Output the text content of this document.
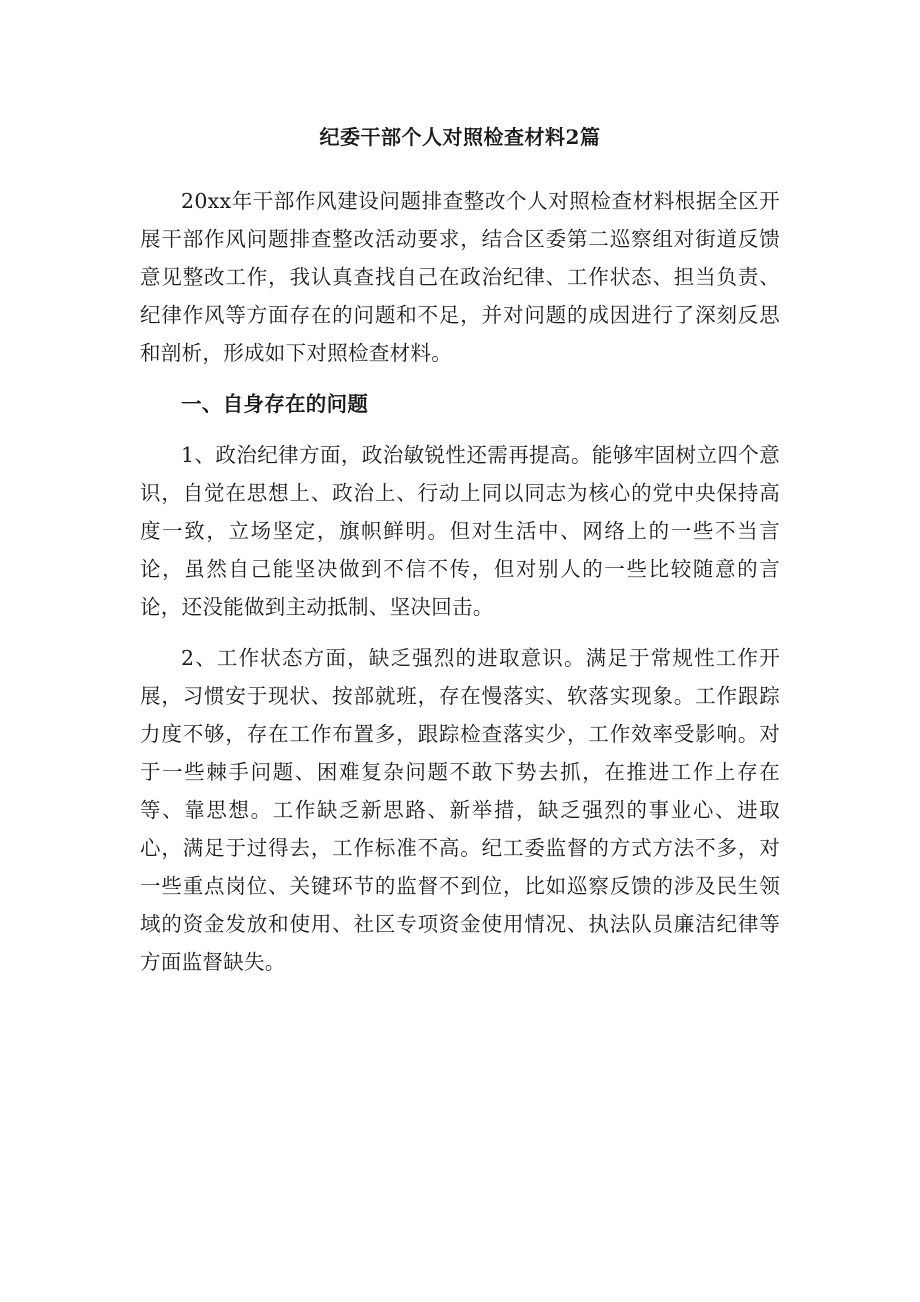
纪委干部个人对照检查材料2篇

20xx年干部作风建设问题排查整改个人对照检查材料根据全区开展干部作风问题排查整改活动要求，结合区委第二巡察组对街道反馈意见整改工作，我认真查找自己在政治纪律、工作状态、担当负责、纪律作风等方面存在的问题和不足，并对问题的成因进行了深刻反思和剖析，形成如下对照检查材料。

一、自身存在的问题

1、政治纪律方面，政治敏锐性还需再提高。能够牢固树立四个意识，自觉在思想上、政治上、行动上同以同志为核心的党中央保持高度一致，立场坚定，旗帜鲜明。但对生活中、网络上的一些不当言论，虽然自己能坚决做到不信不传，但对别人的一些比较随意的言论，还没能做到主动抵制、坚决回击。

2、工作状态方面，缺乏强烈的进取意识。满足于常规性工作开展，习惯安于现状、按部就班，存在慢落实、软落实现象。工作跟踪力度不够，存在工作布置多，跟踪检查落实少，工作效率受影响。对于一些棘手问题、困难复杂问题不敢下势去抓，在推进工作上存在等、靠思想。工作缺乏新思路、新举措，缺乏强烈的事业心、进取心，满足于过得去，工作标准不高。纪工委监督的方式方法不多，对一些重点岗位、关键环节的监督不到位，比如巡察反馈的涉及民生领域的资金发放和使用、社区专项资金使用情况、执法队员廉洁纪律等方面监督缺失。
